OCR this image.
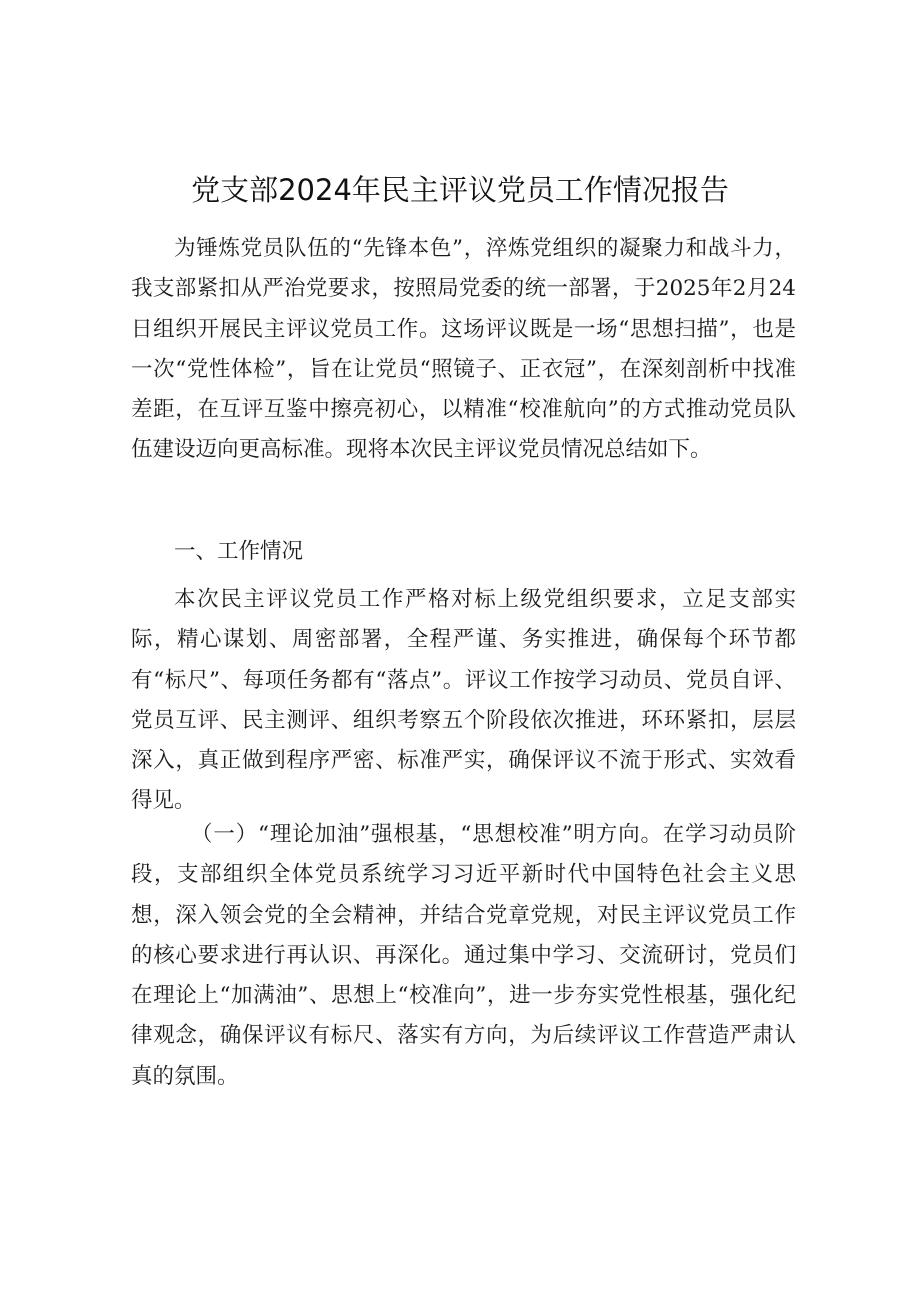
党支部2024年民主评议党员工作情况报告

为锤炼党员队伍的“先锋本色”，淬炼党组织的凝聚力和战斗力，我支部紧扣从严治党要求，按照局党委的统一部署，于2025年2月24日组织开展民主评议党员工作。这场评议既是一场“思想扫描”，也是一次“党性体检”，旨在让党员“照镜子、正衣冠”，在深刻剖析中找准差距，在互评互鉴中擦亮初心，以精准“校准航向”的方式推动党员队伍建设迈向更高标准。现将本次民主评议党员情况总结如下。

一、工作情况

本次民主评议党员工作严格对标上级党组织要求，立足支部实际，精心谋划、周密部署，全程严谨、务实推进，确保每个环节都有“标尺”、每项任务都有“落点”。评议工作按学习动员、党员自评、党员互评、民主测评、组织考察五个阶段依次推进，环环紧扣，层层深入，真正做到程序严密、标准严实，确保评议不流于形式、实效看得见。

（一）“理论加油”强根基，“思想校准”明方向。在学习动员阶段，支部组织全体党员系统学习习近平新时代中国特色社会主义思想，深入领会党的全会精神，并结合党章党规，对民主评议党员工作的核心要求进行再认识、再深化。通过集中学习、交流研讨，党员们在理论上“加满油”、思想上“校准向”，进一步夯实党性根基，强化纪律观念，确保评议有标尺、落实有方向，为后续评议工作营造严肃认真的氛围。
